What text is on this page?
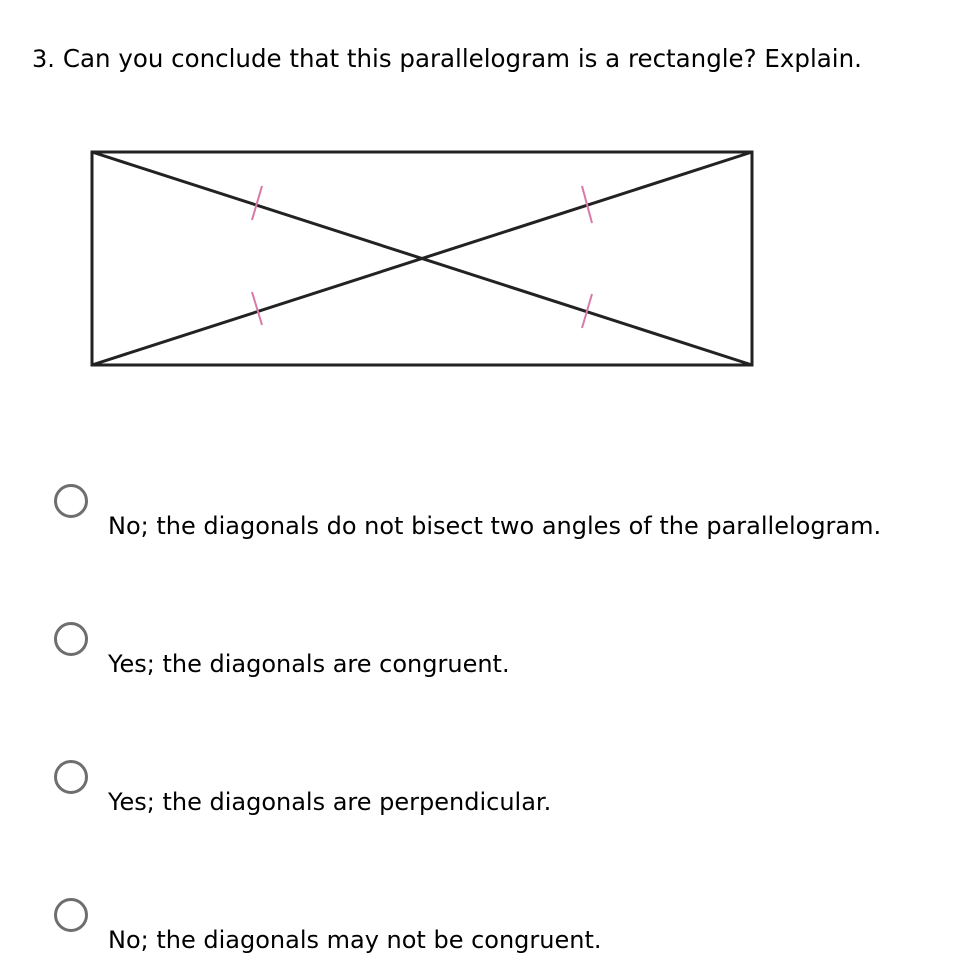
3. Can you conclude that this parallelogram is a rectangle? Explain.
No; the diagonals do not bisect two angles of the parallelogram.
Yes; the diagonals are congruent.
Yes; the diagonals are perpendicular.
No; the diagonals may not be congruent.
